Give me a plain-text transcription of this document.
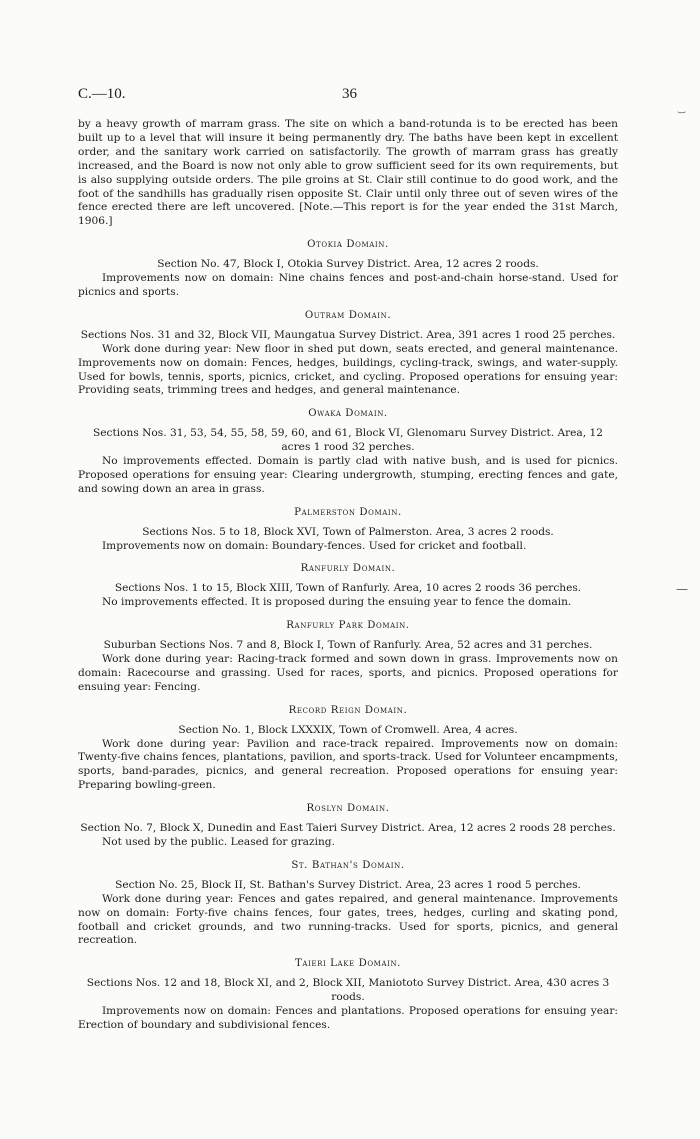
C.—10.	36

by a heavy growth of marram grass. The site on which a band-rotunda is to be erected has been built up to a level that will insure it being permanently dry. The baths have been kept in excellent order, and the sanitary work carried on satisfactorily. The growth of marram grass has greatly increased, and the Board is now not only able to grow sufficient seed for its own requirements, but is also supplying outside orders. The pile groins at St. Clair still continue to do good work, and the foot of the sandhills has gradually risen opposite St. Clair until only three out of seven wires of the fence erected there are left uncovered. [Note.—This report is for the year ended the 31st March, 1906.]

Otokia Domain.

Section No. 47, Block I, Otokia Survey District. Area, 12 acres 2 roods.

Improvements now on domain: Nine chains fences and post-and-chain horse-stand. Used for picnics and sports.

Outram Domain.

Sections Nos. 31 and 32, Block VII, Maungatua Survey District. Area, 391 acres 1 rood 25 perches.

Work done during year: New floor in shed put down, seats erected, and general maintenance. Improvements now on domain: Fences, hedges, buildings, cycling-track, swings, and water-supply. Used for bowls, tennis, sports, picnics, cricket, and cycling. Proposed operations for ensuing year: Providing seats, trimming trees and hedges, and general maintenance.

Owaka Domain.

Sections Nos. 31, 53, 54, 55, 58, 59, 60, and 61, Block VI, Glenomaru Survey District. Area, 12 acres 1 rood 32 perches.

No improvements effected. Domain is partly clad with native bush, and is used for picnics. Proposed operations for ensuing year: Clearing undergrowth, stumping, erecting fences and gate, and sowing down an area in grass.

Palmerston Domain.

Sections Nos. 5 to 18, Block XVI, Town of Palmerston. Area, 3 acres 2 roods.

Improvements now on domain: Boundary-fences. Used for cricket and football.

Ranfurly Domain.

Sections Nos. 1 to 15, Block XIII, Town of Ranfurly. Area, 10 acres 2 roods 36 perches.

No improvements effected. It is proposed during the ensuing year to fence the domain.

Ranfurly Park Domain.

Suburban Sections Nos. 7 and 8, Block I, Town of Ranfurly. Area, 52 acres and 31 perches.

Work done during year: Racing-track formed and sown down in grass. Improvements now on domain: Racecourse and grassing. Used for races, sports, and picnics. Proposed operations for ensuing year: Fencing.

Record Reign Domain.

Section No. 1, Block LXXXIX, Town of Cromwell. Area, 4 acres.

Work done during year: Pavilion and race-track repaired. Improvements now on domain: Twenty-five chains fences, plantations, pavilion, and sports-track. Used for Volunteer encampments, sports, band-parades, picnics, and general recreation. Proposed operations for ensuing year: Preparing bowling-green.

Roslyn Domain.

Section No. 7, Block X, Dunedin and East Taieri Survey District. Area, 12 acres 2 roods 28 perches.

Not used by the public. Leased for grazing.

St. Bathan's Domain.

Section No. 25, Block II, St. Bathan's Survey District. Area, 23 acres 1 rood 5 perches.

Work done during year: Fences and gates repaired, and general maintenance. Improvements now on domain: Forty-five chains fences, four gates, trees, hedges, curling and skating pond, football and cricket grounds, and two running-tracks. Used for sports, picnics, and general recreation.

Taieri Lake Domain.

Sections Nos. 12 and 18, Block XI, and 2, Block XII, Maniototo Survey District. Area, 430 acres 3 roods.

Improvements now on domain: Fences and plantations. Proposed operations for ensuing year: Erection of boundary and subdivisional fences.

—
‿
